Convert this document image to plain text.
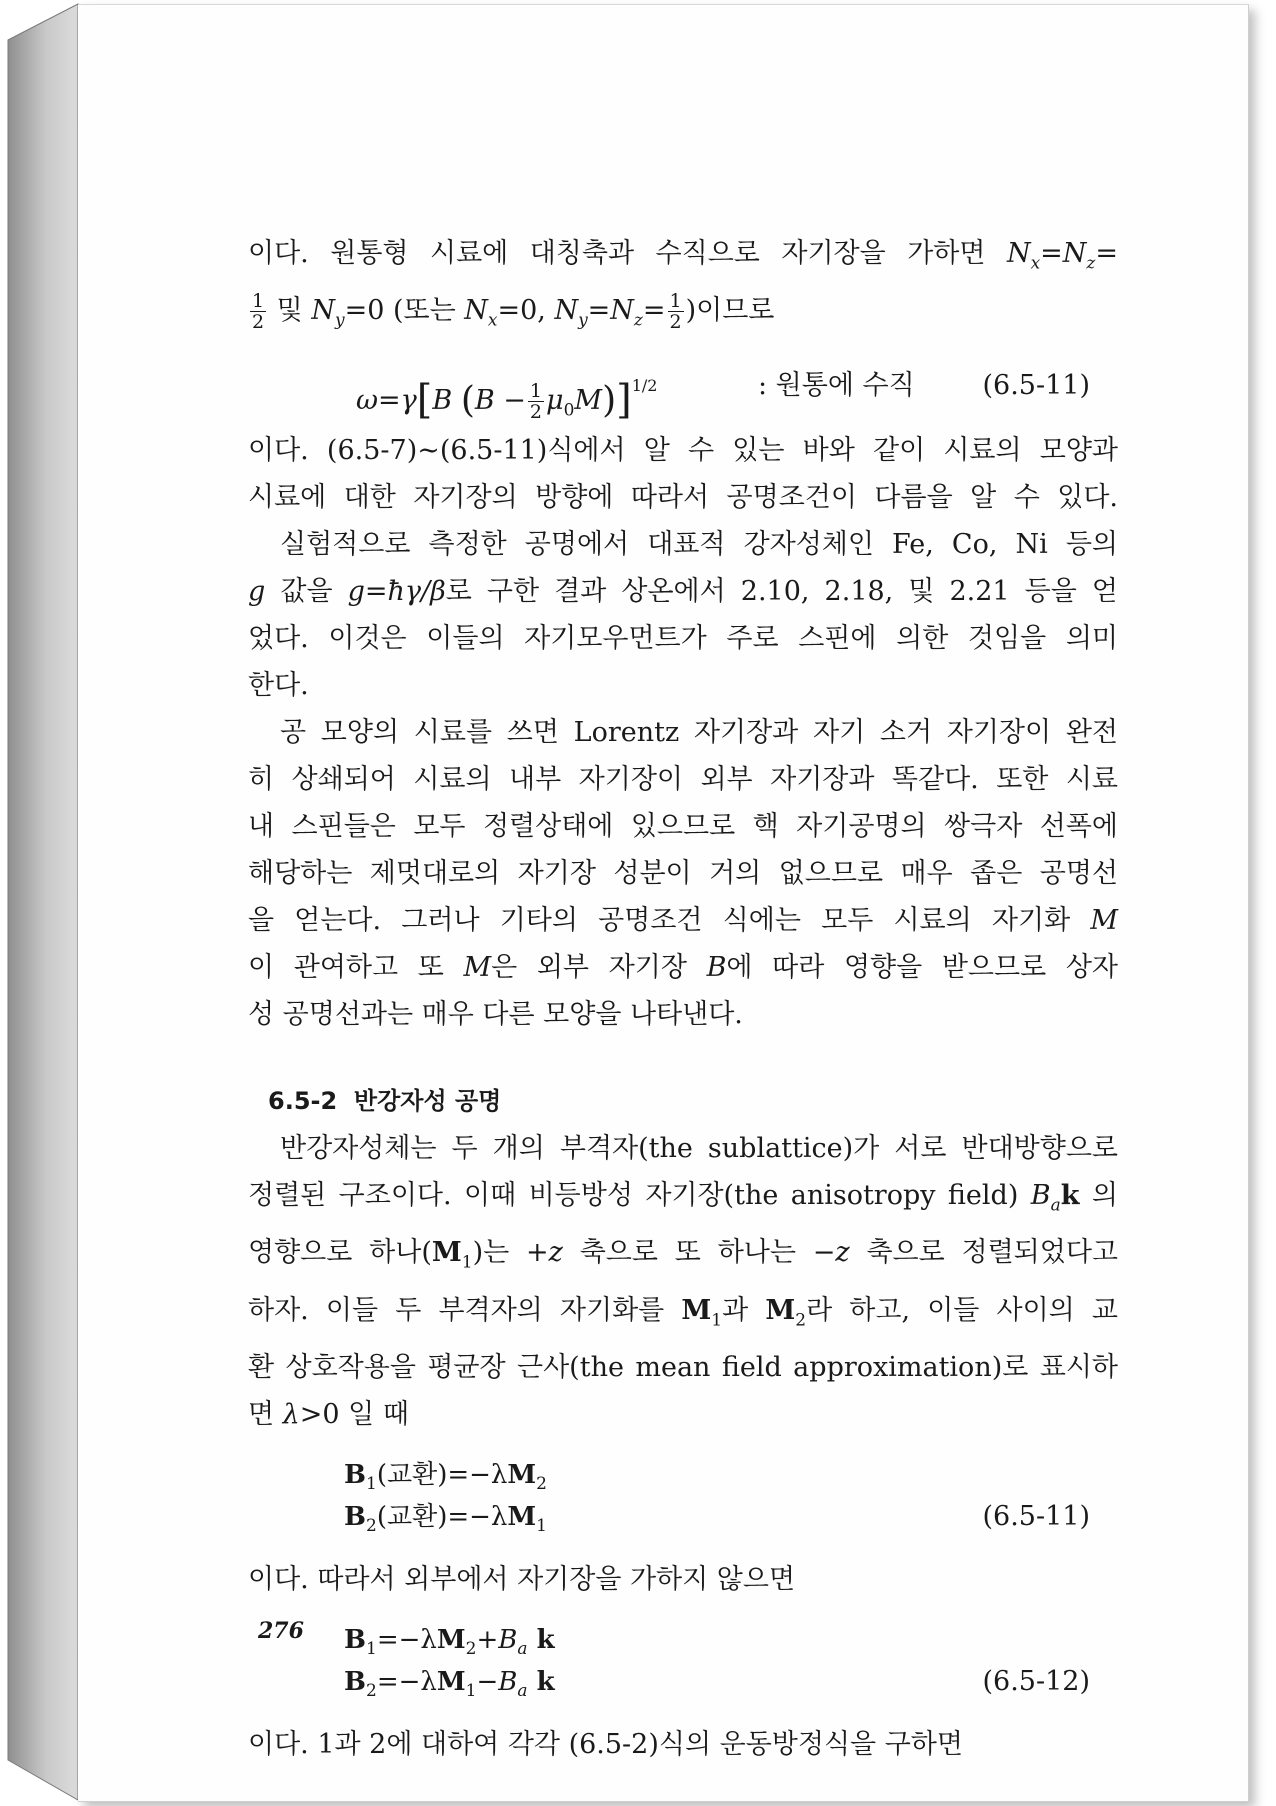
이다. 원통형 시료에 대칭축과 수직으로 자기장을 가하면 $N_x=N_z=$

$\frac{1}{2}$ 및 $N_y=0$ (또는 $N_x=0$, $N_y=N_z= \frac{1}{2}$ )이므로

ω=γ[B $(B - \frac{1}{2} \mu_0M)]^{1/2}$	: 원통에 수직	(6.5-11)

이다. (6.5-7)∼(6.5-11)식에서 알 수 있는 바와 같이 시료의 모양과

시료에 대한 자기장의 방향에 따라서 공명조건이 다름을 알 수 있다.

실험적으로 측정한 공명에서 대표적 강자성체인 Fe, Co, Ni 등의

g 값을 g=ħγ/β로 구한 결과 상온에서 2.10, 2.18, 및 2.21 등을 얻

었다. 이것은 이들의 자기모우먼트가 주로 스핀에 의한 것임을 의미

한다.

공 모양의 시료를 쓰면 Lorentz 자기장과 자기 소거 자기장이 완전

히 상쇄되어 시료의 내부 자기장이 외부 자기장과 똑같다. 또한 시료

내 스핀들은 모두 정렬상태에 있으므로 핵 자기공명의 쌍극자 선폭에

해당하는 제멋대로의 자기장 성분이 거의 없으므로 매우 좁은 공명선

을 얻는다. 그러나 기타의 공명조건 식에는 모두 시료의 자기화 M

이 관여하고 또 M은 외부 자기장 B에 따라 영향을 받으므로 상자

성 공명선과는 매우 다른 모양을 나타낸다.

6.5-2 반강자성 공명

반강자성체는 두 개의 부격자(the sublattice)가 서로 반대방향으로

정렬된 구조이다. 이때 비등방성 자기장(the anisotropy field) $B_ak$ 의

영향으로 하나$(M_1)$는 +z 축으로 또 하나는 −z 축으로 정렬되었다고

하자. 이들 두 부격자의 자기화를 $M_1$과 $M_2$라 하고, 이들 사이의 교

환 상호작용을 평균장 근사(the mean field approximation)로 표시하

면 λ>0 일 때

$B_1$(교환)$=-\lambda M_2$
$B_2$(교환)$=-\lambda M_1$	(6.5-11)

이다. 따라서 외부에서 자기장을 가하지 않으면

$B_1=-\lambda M_2+B_a$ k
$B_2=-\lambda M_1-B_a$ k	(6.5-12)

이다. 1과 2에 대하여 각각 (6.5-2)식의 운동방정식을 구하면

276
